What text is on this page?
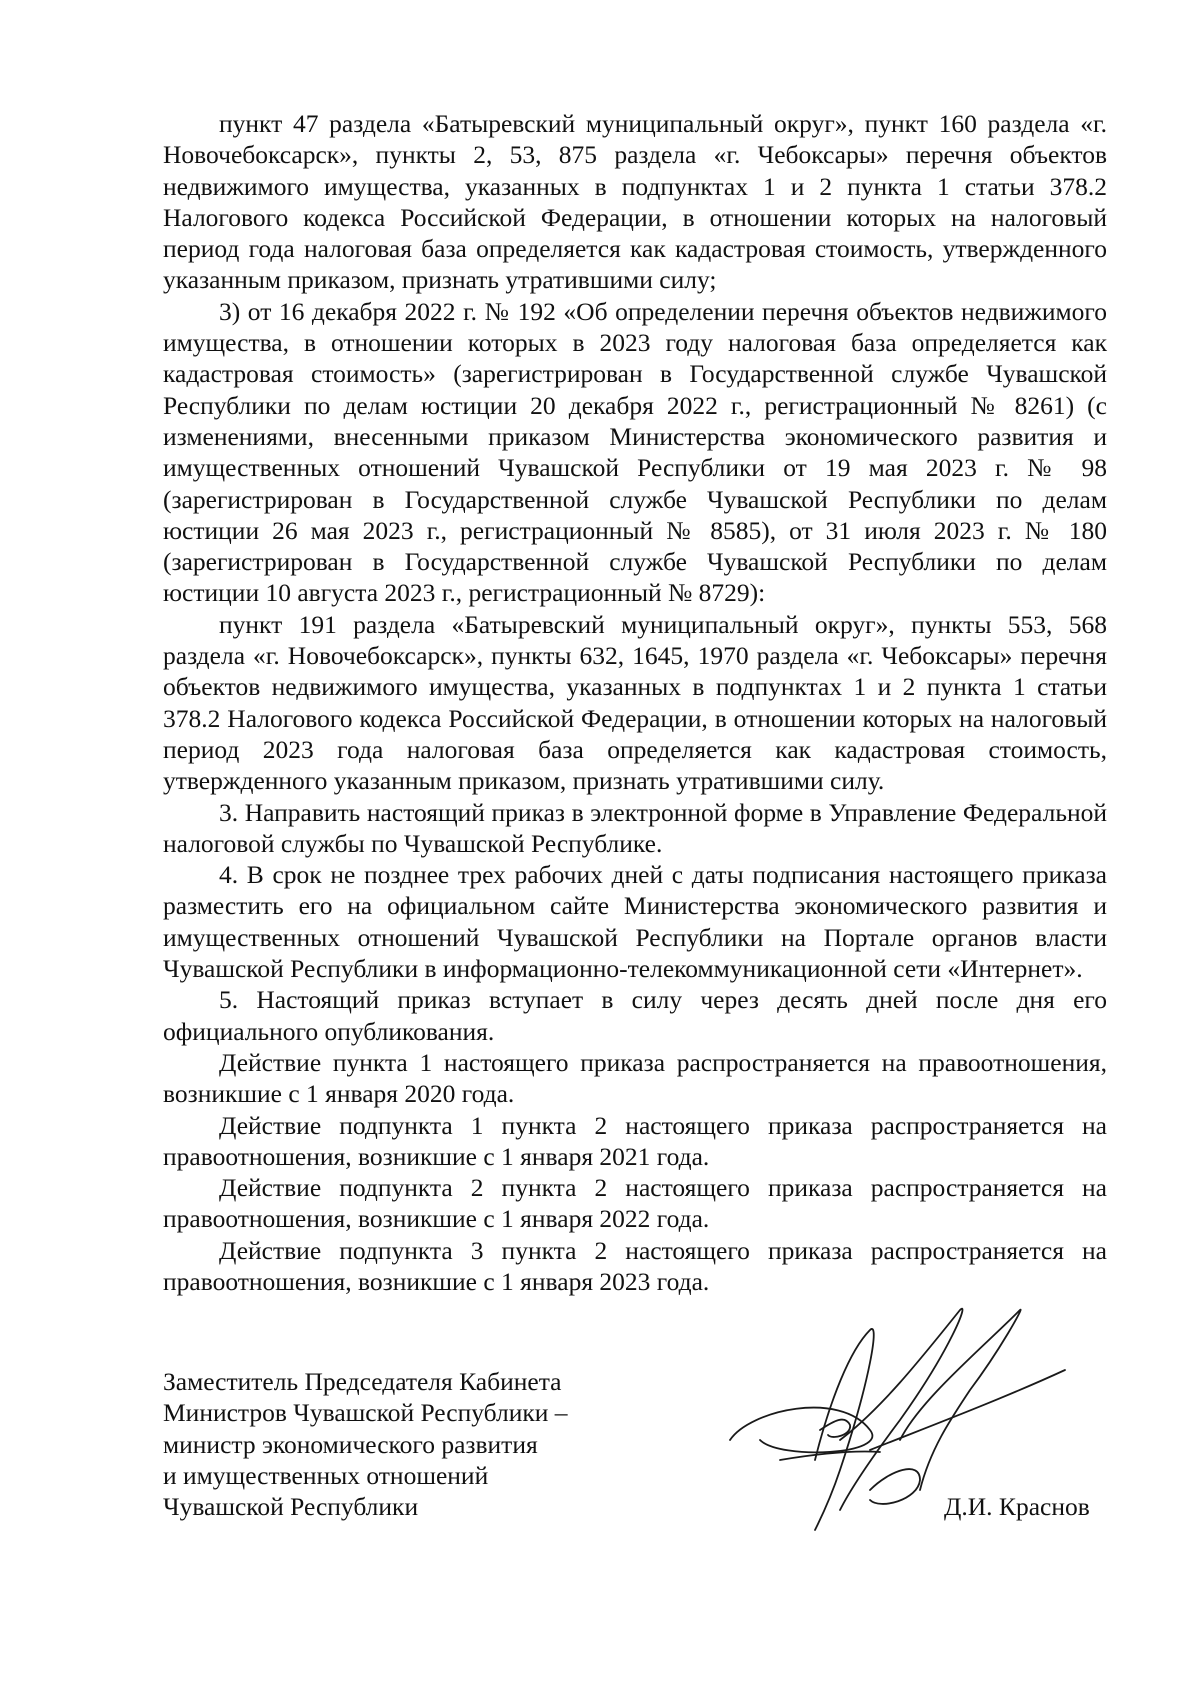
пункт 47 раздела «Батыревский муниципальный округ», пункт 160 раздела «г. Новочебоксарск», пункты 2, 53, 875 раздела «г. Чебоксары» перечня объектов недвижимого имущества, указанных в подпунктах 1 и 2 пункта 1 статьи 378.2 Налогового кодекса Российской Федерации, в отношении которых на налоговый период года налоговая база определяется как кадастровая стоимость, утвержденного указанным приказом, признать утратившими силу;

3) от 16 декабря 2022 г. № 192 «Об определении перечня объектов недвижимого имущества, в отношении которых в 2023 году налоговая база определяется как кадастровая стоимость» (зарегистрирован в Государственной службе Чувашской Республики по делам юстиции 20 декабря 2022 г., регистрационный № 8261) (с изменениями, внесенными приказом Министерства экономического развития и имущественных отношений Чувашской Республики от 19 мая 2023 г. № 98 (зарегистрирован в Государственной службе Чувашской Республики по делам юстиции 26 мая 2023 г., регистрационный № 8585), от 31 июля 2023 г. № 180 (зарегистрирован в Государственной службе Чувашской Республики по делам юстиции 10 августа 2023 г., регистрационный № 8729):

пункт 191 раздела «Батыревский муниципальный округ», пункты 553, 568 раздела «г. Новочебоксарск», пункты 632, 1645, 1970 раздела «г. Чебоксары» перечня объектов недвижимого имущества, указанных в подпунктах 1 и 2 пункта 1 статьи 378.2 Налогового кодекса Российской Федерации, в отношении которых на налоговый период 2023 года налоговая база определяется как кадастровая стоимость, утвержденного указанным приказом, признать утратившими силу.

3. Направить настоящий приказ в электронной форме в Управление Федеральной налоговой службы по Чувашской Республике.

4. В срок не позднее трех рабочих дней с даты подписания настоящего приказа разместить его на официальном сайте Министерства экономического развития и имущественных отношений Чувашской Республики на Портале органов власти Чувашской Республики в информационно-телекоммуникационной сети «Интернет».

5. Настоящий приказ вступает в силу через десять дней после дня его официального опубликования.

Действие пункта 1 настоящего приказа распространяется на правоотношения, возникшие с 1 января 2020 года.

Действие подпункта 1 пункта 2 настоящего приказа распространяется на правоотношения, возникшие с 1 января 2021 года.

Действие подпункта 2 пункта 2 настоящего приказа распространяется на правоотношения, возникшие с 1 января 2022 года.

Действие подпункта 3 пункта 2 настоящего приказа распространяется на правоотношения, возникшие с 1 января 2023 года.

Заместитель Председателя Кабинета
Министров Чувашской Республики –
министр экономического развития
и имущественных отношений
Чувашской Республики	Д.И. Краснов
